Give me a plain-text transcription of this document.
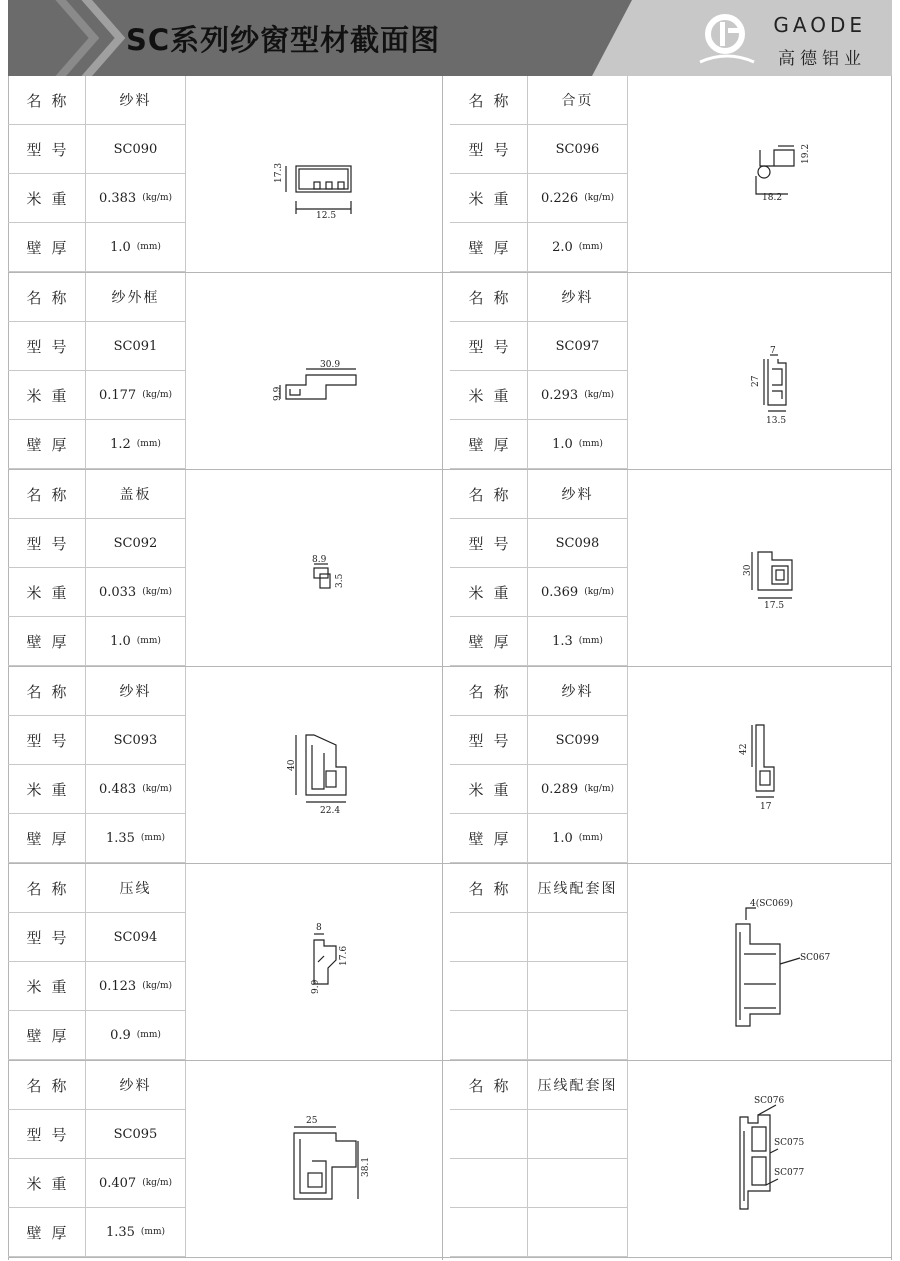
SC系列纱窗型材截面图	GAODE
高德铝业
名称	纱料
型号	SC090
米重	0.383 (kg/m)
壁厚	1.0 (mm)
17.3
12.5
名称	纱外框
型号	SC091
米重	0.177 (kg/m)
壁厚	1.2 (mm)
30.9
9.9
名称	盖板
型号	SC092
米重	0.033 (kg/m)
壁厚	1.0 (mm)
8.9
3.5
名称	纱料
型号	SC093
米重	0.483 (kg/m)
壁厚	1.35 (mm)
40
22.4
名称	压线
型号	SC094
米重	0.123 (kg/m)
壁厚	0.9 (mm)
8
17.6
9.9
名称	纱料
型号	SC095
米重	0.407 (kg/m)
壁厚	1.35 (mm)
25
38.1
名称	合页
型号	SC096
米重	0.226 (kg/m)
壁厚	2.0 (mm)
19.2
18.2
名称	纱料
型号	SC097
米重	0.293 (kg/m)
壁厚	1.0 (mm)
7
27
13.5
名称	纱料
型号	SC098
米重	0.369 (kg/m)
壁厚	1.3 (mm)
30
17.5
名称	纱料
型号	SC099
米重	0.289 (kg/m)
壁厚	1.0 (mm)
42
17
名称	压线配套图
4(SC069)
SC067
名称	压线配套图
SC076
SC075
SC077
